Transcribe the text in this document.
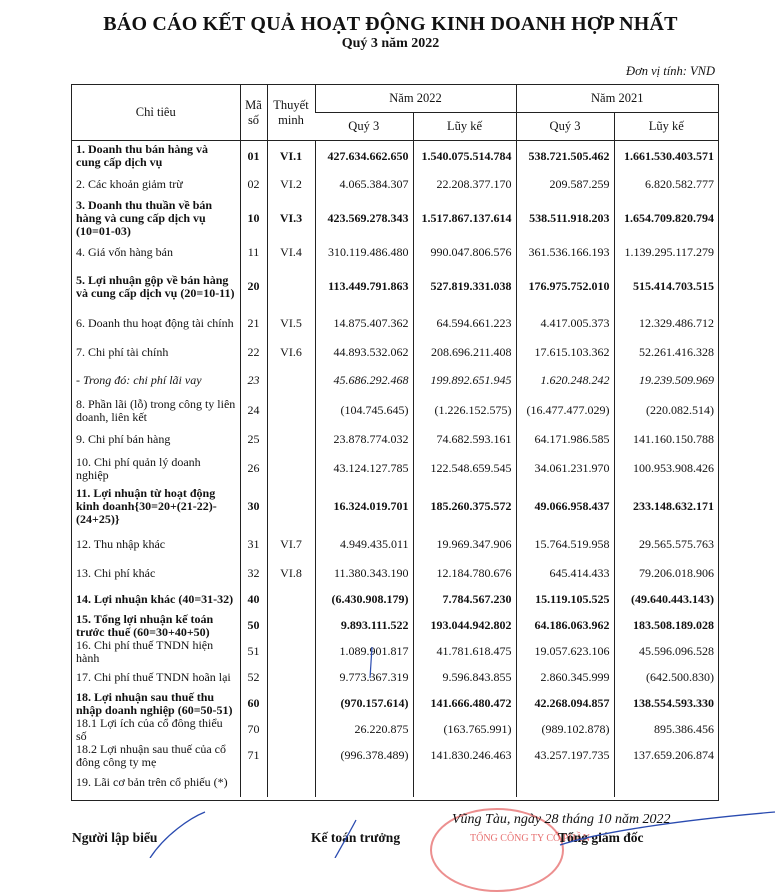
BÁO CÁO KẾT QUẢ HOẠT ĐỘNG KINH DOANH HỢP NHẤT
Quý 3 năm 2022
Đơn vị tính: VND
Chỉ tiêu	Mã số	Thuyết minh	Năm 2022		Năm 2021	
			Quý 3	Lũy kế	Quý 3	Lũy kế
1. Doanh thu bán hàng và cung cấp dịch vụ	01	VI.1	427.634.662.650	1.540.075.514.784	538.721.505.462	1.661.530.403.571
2. Các khoản giảm trừ	02	VI.2	4.065.384.307	22.208.377.170	209.587.259	6.820.582.777
3. Doanh thu thuần về bán hàng và cung cấp dịch vụ (10=01-03)	10	VI.3	423.569.278.343	1.517.867.137.614	538.511.918.203	1.654.709.820.794
4. Giá vốn hàng bán	11	VI.4	310.119.486.480	990.047.806.576	361.536.166.193	1.139.295.117.279
5. Lợi nhuận gộp về bán hàng và cung cấp dịch vụ (20=10-11)	20		113.449.791.863	527.819.331.038	176.975.752.010	515.414.703.515
6. Doanh thu hoạt động tài chính	21	VI.5	14.875.407.362	64.594.661.223	4.417.005.373	12.329.486.712
7. Chi phí tài chính	22	VI.6	44.893.532.062	208.696.211.408	17.615.103.362	52.261.416.328
- Trong đó: chi phí lãi vay	23		45.686.292.468	199.892.651.945	1.620.248.242	19.239.509.969
8. Phần lãi (lỗ) trong công ty liên doanh, liên kết	24		(104.745.645)	(1.226.152.575)	(16.477.477.029)	(220.082.514)
9. Chi phí bán hàng	25		23.878.774.032	74.682.593.161	64.171.986.585	141.160.150.788
10. Chi phí quản lý doanh nghiệp	26		43.124.127.785	122.548.659.545	34.061.231.970	100.953.908.426
11. Lợi nhuận từ hoạt động kinh doanh{30=20+(21-22)-(24+25)}	30		16.324.019.701	185.260.375.572	49.066.958.437	233.148.632.171
12. Thu nhập khác	31	VI.7	4.949.435.011	19.969.347.906	15.764.519.958	29.565.575.763
13. Chi phí khác	32	VI.8	11.380.343.190	12.184.780.676	645.414.433	79.206.018.906
14. Lợi nhuận khác (40=31-32)	40		(6.430.908.179)	7.784.567.230	15.119.105.525	(49.640.443.143)
15. Tổng lợi nhuận kế toán trước thuế (60=30+40+50)	50		9.893.111.522	193.044.942.802	64.186.063.962	183.508.189.028
16. Chi phí thuế TNDN hiện hành	51		1.089.901.817	41.781.618.475	19.057.623.106	45.596.096.528
17. Chi phí thuế TNDN hoãn lại	52		9.773.367.319	9.596.843.855	2.860.345.999	(642.500.830)
18. Lợi nhuận sau thuế thu nhập doanh nghiệp (60=50-51)	60		(970.157.614)	141.666.480.472	42.268.094.857	138.554.593.330
18.1 Lợi ích của cổ đông thiểu số	70		26.220.875	(163.765.991)	(989.102.878)	895.386.456
18.2 Lợi nhuận sau thuế của cổ đông công ty mẹ	71		(996.378.489)	141.830.246.463	43.257.197.735	137.659.206.874
19. Lãi cơ bản trên cổ phiếu (*)						
TỔNG CÔNG TY CỔ PHẦN
Vũng Tàu, ngày 28 tháng 10 năm 2022
Người lập biểu	Kế toán trưởng	Tổng giám đốc
